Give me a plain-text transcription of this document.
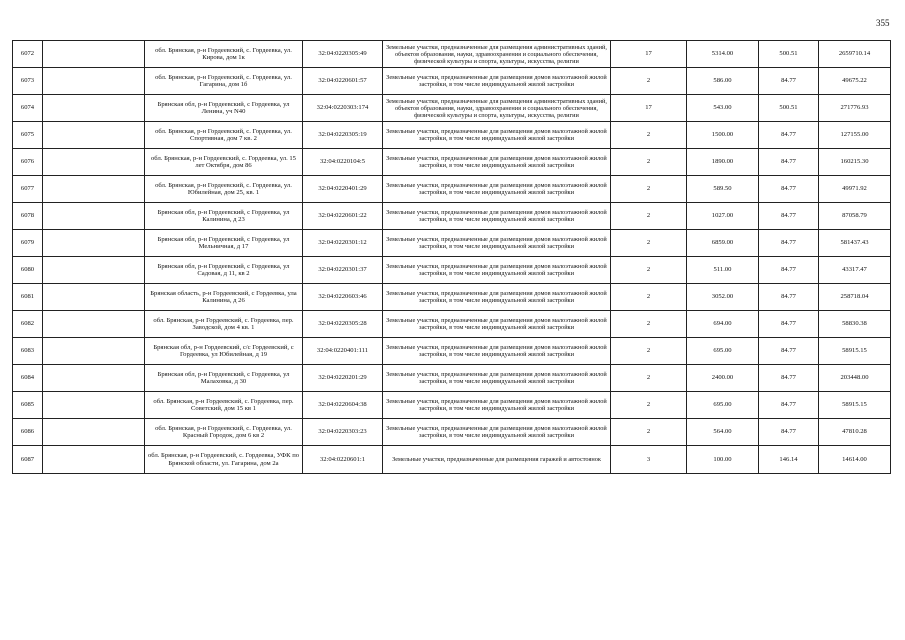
355
6072		обл. Брянская, р-н Гордеевский, с. Гордеевка, ул. Кирова, дом 1к	32:04:0220305:49	Земельные участки, предназначенные для размещения административных зданий, объектов образования, науки, здравоохранения и социального обеспечения, физической культуры и спорта, культуры, искусства, религии	17	5314.00	500.51	2659710.14
6073		обл. Брянская, р-н Гордеевский, с. Гордеевка, ул. Гагарина, дом 1б	32:04:0220601:57	Земельные участки, предназначенные для размещения домов малоэтажной жилой застройки, в том числе индивидуальной жилой застройки	2	586.00	84.77	49675.22
6074		Брянская обл, р-н Гордеевский, с Гордеевка, ул Ленина, уч N40	32:04:0220303:174	Земельные участки, предназначенные для размещения административных зданий, объектов образования, науки, здравоохранения и социального обеспечения, физической культуры и спорта, культуры, искусства, религии	17	543.00	500.51	271776.93
6075		обл. Брянская, р-н Гордеевский, с. Гордеевка, ул. Спортивная, дом 7 кв. 2	32:04:0220305:19	Земельные участки, предназначенные для размещения домов малоэтажной жилой застройки, в том числе индивидуальной жилой застройки	2	1500.00	84.77	127155.00
6076		обл. Брянская, р-н Гордеевский, с. Гордеевка, ул. 15 лет Октября, дом 86	32:04:0220104:5	Земельные участки, предназначенные для размещения домов малоэтажной жилой застройки, в том числе индивидуальной жилой застройки	2	1890.00	84.77	160215.30
6077		обл. Брянская, р-н Гордеевский, с. Гордеевка, ул. Юбилейная, дом 25, кв. 1	32:04:0220401:29	Земельные участки, предназначенные для размещения домов малоэтажной жилой застройки, в том числе индивидуальной жилой застройки	2	589.50	84.77	49971.92
6078		Брянская обл, р-н Гордеевский, с Гордеевка, ул Калинина, д 23	32:04:0220601:22	Земельные участки, предназначенные для размещения домов малоэтажной жилой застройки, в том числе индивидуальной жилой застройки	2	1027.00	84.77	87058.79
6079		Брянская обл, р-н Гордеевский, с Гордеевка, ул Мельничная, д 17	32:04:0220301:12	Земельные участки, предназначенные для размещения домов малоэтажной жилой застройки, в том числе индивидуальной жилой застройки	2	6859.00	84.77	581437.43
6080		Брянская обл, р-н Гордеевский, с Гордеевка, ул Садовая, д 11, кв 2	32:04:0220301:37	Земельные участки, предназначенные для размещения домов малоэтажной жилой застройки, в том числе индивидуальной жилой застройки	2	511.00	84.77	43317.47
6081		Брянская область, р-н Гордеевский, с Гордеевка, ула Калинина, д 26	32:04:0220603:46	Земельные участки, предназначенные для размещения домов малоэтажной жилой застройки, в том числе индивидуальной жилой застройки	2	3052.00	84.77	258718.04
6082		обл. Брянская, р-н Гордеевский, с. Гордеевка, пер. Заводской, дом 4 кв. 1	32:04:0220305:28	Земельные участки, предназначенные для размещения домов малоэтажной жилой застройки, в том числе индивидуальной жилой застройки	2	694.00	84.77	58830.38
6083		Брянская обл, р-н Гордеевский, с/с Гордеевский, с Гордеевка, ул Юбилейная, д 19	32:04:0220401:111	Земельные участки, предназначенные для размещения домов малоэтажной жилой застройки, в том числе индивидуальной жилой застройки	2	695.00	84.77	58915.15
6084		Брянская обл, р-н Гордеевский, с Гордеевка, ул Малаховка, д 30	32:04:0220201:29	Земельные участки, предназначенные для размещения домов малоэтажной жилой застройки, в том числе индивидуальной жилой застройки	2	2400.00	84.77	203448.00
6085		обл. Брянская, р-н Гордеевский, с. Гордеевка, пер. Советский, дом 15 кв 1	32:04:0220604:38	Земельные участки, предназначенные для размещения домов малоэтажной жилой застройки, в том числе индивидуальной жилой застройки	2	695.00	84.77	58915.15
6086		обл. Брянская, р-н Гордеевский, с. Гордеевка, ул. Красный Городок, дом 6 кв 2	32:04:0220303:23	Земельные участки, предназначенные для размещения домов малоэтажной жилой застройки, в том числе индивидуальной жилой застройки	2	564.00	84.77	47810.28
6087		обл. Брянская, р-н Гордеевский, с. Гордеевка, УФК по Брянской области, ул. Гагарина, дом 2а	32:04:0220601:1	Земельные участки, предназначенные для размещения гаражей и автостоянок	3	100.00	146.14	14614.00
